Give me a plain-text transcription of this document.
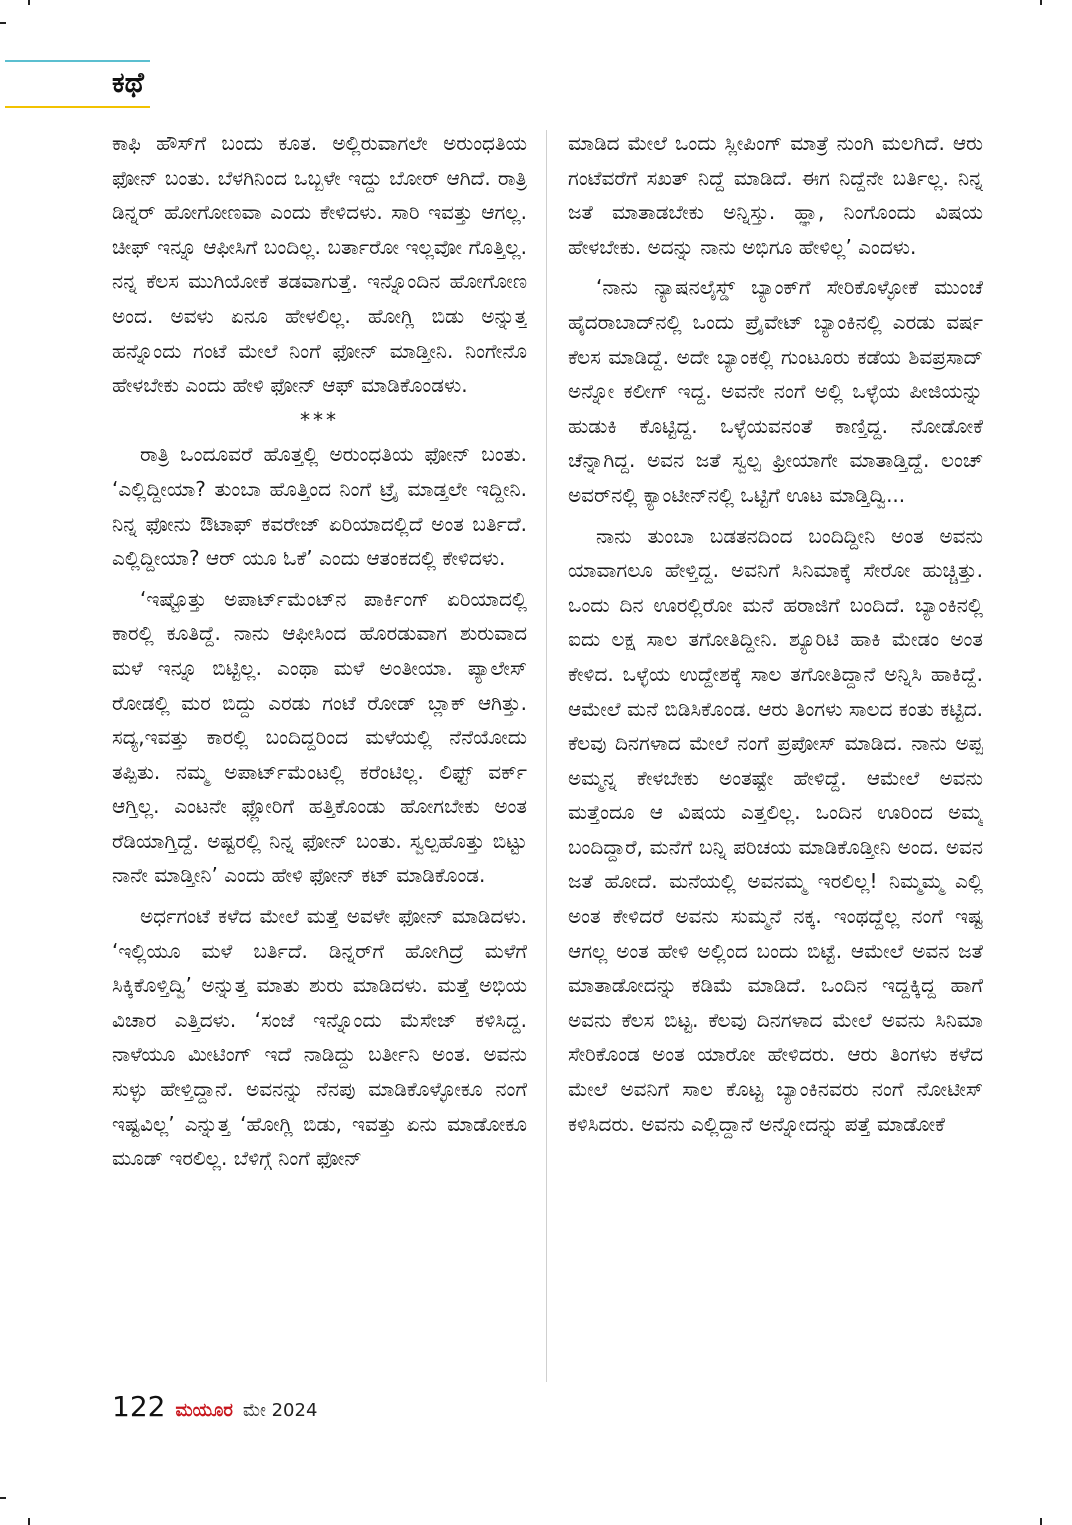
ಕಥೆ

ಕಾಫಿ ಹೌಸ್‌ಗೆ ಬಂದು ಕೂತ. ಅಲ್ಲಿರುವಾಗಲೇ ಅರುಂಧತಿಯ ಫೋನ್ ಬಂತು. ಬೆಳಗಿನಿಂದ ಒಬ್ಬಳೇ ಇದ್ದು ಬೋರ್ ಆಗಿದೆ. ರಾತ್ರಿ ಡಿನ್ನರ್ ಹೋಗೋಣವಾ ಎಂದು ಕೇಳಿದಳು. ಸಾರಿ ಇವತ್ತು ಆಗಲ್ಲ. ಚೀಫ್ ಇನ್ನೂ ಆಫೀಸಿಗೆ ಬಂದಿಲ್ಲ. ಬರ್ತಾರೋ ಇಲ್ಲವೋ ಗೊತ್ತಿಲ್ಲ. ನನ್ನ ಕೆಲಸ ಮುಗಿಯೋಕೆ ತಡವಾಗುತ್ತೆ. ಇನ್ನೊಂದಿನ ಹೋಗೋಣ ಅಂದ. ಅವಳು ಏನೂ ಹೇಳಲಿಲ್ಲ. ಹೋಗ್ಲಿ ಬಿಡು ಅನ್ನುತ್ತ ಹನ್ನೊಂದು ಗಂಟೆ ಮೇಲೆ ನಿಂಗೆ ಫೋನ್ ಮಾಡ್ತೀನಿ. ನಿಂಗೇನೊ ಹೇಳಬೇಕು ಎಂದು ಹೇಳಿ ಫೋನ್ ಆಫ್ ಮಾಡಿಕೊಂಡಳು.

***

ರಾತ್ರಿ ಒಂದೂವರೆ ಹೊತ್ತಲ್ಲಿ ಅರುಂಧತಿಯ ಫೋನ್ ಬಂತು. ‘ಎಲ್ಲಿದ್ದೀಯಾ? ತುಂಬಾ ಹೊತ್ತಿಂದ ನಿಂಗೆ ಟ್ರೈ ಮಾಡ್ತಲೇ ಇದ್ದೀನಿ. ನಿನ್ನ ಫೋನು ಔಟಾಫ್ ಕವರೇಜ್ ಏರಿಯಾದಲ್ಲಿದೆ ಅಂತ ಬರ್ತಿದೆ. ಎಲ್ಲಿದ್ದೀಯಾ? ಆರ್ ಯೂ ಓಕೆ’ ಎಂದು ಆತಂಕದಲ್ಲಿ ಕೇಳಿದಳು.

‘ಇಷ್ಟೊತ್ತು ಅಪಾರ್ಟ್‌ಮೆಂಟ್‌ನ ಪಾರ್ಕಿಂಗ್ ಏರಿಯಾದಲ್ಲಿ ಕಾರಲ್ಲಿ ಕೂತಿದ್ದೆ. ನಾನು ಆಫೀಸಿಂದ ಹೊರಡುವಾಗ ಶುರುವಾದ ಮಳೆ ಇನ್ನೂ ಬಿಟ್ಟಿಲ್ಲ. ಎಂಥಾ ಮಳೆ ಅಂತೀಯಾ. ಪ್ಯಾಲೇಸ್ ರೋಡಲ್ಲಿ ಮರ ಬಿದ್ದು ಎರಡು ಗಂಟೆ ರೋಡ್ ಬ್ಲಾಕ್ ಆಗಿತ್ತು. ಸದ್ಯ,ಇವತ್ತು ಕಾರಲ್ಲಿ ಬಂದಿದ್ದರಿಂದ ಮಳೆಯಲ್ಲಿ ನೆನೆಯೋದು ತಪ್ಪಿತು. ನಮ್ಮ ಅಪಾರ್ಟ್‌ಮೆಂಟಲ್ಲಿ ಕರೆಂಟಿಲ್ಲ. ಲಿಫ್ಟ್ ವರ್ಕ್ ಆಗ್ತಿಲ್ಲ. ಎಂಟನೇ ಫ್ಲೋರಿಗೆ ಹತ್ತಿಕೊಂಡು ಹೋಗಬೇಕು ಅಂತ ರೆಡಿಯಾಗ್ತಿದ್ದೆ. ಅಷ್ಟರಲ್ಲಿ ನಿನ್ನ ಫೋನ್ ಬಂತು. ಸ್ವಲ್ಪಹೊತ್ತು ಬಿಟ್ಟು ನಾನೇ ಮಾಡ್ತೀನಿ’ ಎಂದು ಹೇಳಿ ಫೋನ್ ಕಟ್ ಮಾಡಿಕೊಂಡ.

ಅರ್ಧಗಂಟೆ ಕಳೆದ ಮೇಲೆ ಮತ್ತೆ ಅವಳೇ ಫೋನ್ ಮಾಡಿದಳು. ‘ಇಲ್ಲಿಯೂ ಮಳೆ ಬರ್ತಿದೆ. ಡಿನ್ನರ್‌ಗೆ ಹೋಗಿದ್ರೆ ಮಳೆಗೆ ಸಿಕ್ಕಿಕೊಳ್ತಿದ್ವಿ’ ಅನ್ನುತ್ತ ಮಾತು ಶುರು ಮಾಡಿದಳು. ಮತ್ತೆ ಅಭಿಯ ವಿಚಾರ ಎತ್ತಿದಳು. ‘ಸಂಜೆ ಇನ್ನೊಂದು ಮೆಸೇಜ್ ಕಳಿಸಿದ್ದ. ನಾಳೆಯೂ ಮೀಟಿಂಗ್ ಇದೆ ನಾಡಿದ್ದು ಬರ್ತೀನಿ ಅಂತ. ಅವನು ಸುಳ್ಳು ಹೇಳ್ತಿದ್ದಾನೆ. ಅವನನ್ನು ನೆನಪು ಮಾಡಿಕೊಳ್ಳೋಕೂ ನಂಗೆ ಇಷ್ಟವಿಲ್ಲ’ ಎನ್ನುತ್ತ ‘ಹೋಗ್ಲಿ ಬಿಡು, ಇವತ್ತು ಏನು ಮಾಡೋಕೂ ಮೂಡ್ ಇರಲಿಲ್ಲ. ಬೆಳಿಗ್ಗೆ ನಿಂಗೆ ಫೋನ್

ಮಾಡಿದ ಮೇಲೆ ಒಂದು ಸ್ಲೀಪಿಂಗ್ ಮಾತ್ರೆ ನುಂಗಿ ಮಲಗಿದೆ. ಆರು ಗಂಟೆವರೆಗೆ ಸಖತ್ ನಿದ್ದೆ ಮಾಡಿದೆ. ಈಗ ನಿದ್ದೆನೇ ಬರ್ತಿಲ್ಲ. ನಿನ್ನ ಜತೆ ಮಾತಾಡಬೇಕು ಅನ್ನಿಸ್ತು. ಹ್ಞಾ, ನಿಂಗೊಂದು ವಿಷಯ ಹೇಳಬೇಕು. ಅದನ್ನು ನಾನು ಅಭಿಗೂ ಹೇಳಿಲ್ಲ’ ಎಂದಳು.

‘ನಾನು ನ್ಯಾಷನಲೈಸ್ಡ್ ಬ್ಯಾಂಕ್‌ಗೆ ಸೇರಿಕೊಳ್ಳೋಕೆ ಮುಂಚೆ ಹೈದರಾಬಾದ್‌ನಲ್ಲಿ ಒಂದು ಪ್ರೈವೇಟ್ ಬ್ಯಾಂಕಿನಲ್ಲಿ ಎರಡು ವರ್ಷ ಕೆಲಸ ಮಾಡಿದ್ದೆ. ಅದೇ ಬ್ಯಾಂಕಲ್ಲಿ ಗುಂಟೂರು ಕಡೆಯ ಶಿವಪ್ರಸಾದ್ ಅನ್ನೋ ಕಲೀಗ್ ಇದ್ದ. ಅವನೇ ನಂಗೆ ಅಲ್ಲಿ ಒಳ್ಳೆಯ ಪೀಜಿಯನ್ನು ಹುಡುಕಿ ಕೊಟ್ಟಿದ್ದ. ಒಳ್ಳೆಯವನಂತೆ ಕಾಣ್ತಿದ್ದ. ನೋಡೋಕೆ ಚೆನ್ನಾಗಿದ್ದ. ಅವನ ಜತೆ ಸ್ವಲ್ಪ ಫ್ರೀಯಾಗೇ ಮಾತಾಡ್ತಿದ್ದೆ. ಲಂಚ್ ಅವರ್‌ನಲ್ಲಿ ಕ್ಯಾಂಟೀನ್‌ನಲ್ಲಿ ಒಟ್ಟಿಗೆ ಊಟ ಮಾಡ್ತಿದ್ವಿ...

ನಾನು ತುಂಬಾ ಬಡತನದಿಂದ ಬಂದಿದ್ದೀನಿ ಅಂತ ಅವನು ಯಾವಾಗಲೂ ಹೇಳ್ತಿದ್ದ. ಅವನಿಗೆ ಸಿನಿಮಾಕ್ಕೆ ಸೇರೋ ಹುಚ್ಚಿತ್ತು. ಒಂದು ದಿನ ಊರಲ್ಲಿರೋ ಮನೆ ಹರಾಜಿಗೆ ಬಂದಿದೆ. ಬ್ಯಾಂಕಿನಲ್ಲಿ ಐದು ಲಕ್ಷ ಸಾಲ ತಗೋತಿದ್ದೀನಿ. ಶ್ಯೂರಿಟಿ ಹಾಕಿ ಮೇಡಂ ಅಂತ ಕೇಳಿದ. ಒಳ್ಳೆಯ ಉದ್ದೇಶಕ್ಕೆ ಸಾಲ ತಗೋತಿದ್ದಾನೆ ಅನ್ನಿಸಿ ಹಾಕಿದ್ದೆ. ಆಮೇಲೆ ಮನೆ ಬಿಡಿಸಿಕೊಂಡ. ಆರು ತಿಂಗಳು ಸಾಲದ ಕಂತು ಕಟ್ಟಿದ. ಕೆಲವು ದಿನಗಳಾದ ಮೇಲೆ ನಂಗೆ ಪ್ರಪೋಸ್ ಮಾಡಿದ. ನಾನು ಅಪ್ಪ ಅಮ್ಮನ್ನ ಕೇಳಬೇಕು ಅಂತಷ್ಟೇ ಹೇಳಿದ್ದೆ. ಆಮೇಲೆ ಅವನು ಮತ್ತೆಂದೂ ಆ ವಿಷಯ ಎತ್ತಲಿಲ್ಲ. ಒಂದಿನ ಊರಿಂದ ಅಮ್ಮ ಬಂದಿದ್ದಾರೆ, ಮನೆಗೆ ಬನ್ನಿ ಪರಿಚಯ ಮಾಡಿಕೊಡ್ತೀನಿ ಅಂದ. ಅವನ ಜತೆ ಹೋದೆ. ಮನೆಯಲ್ಲಿ ಅವನಮ್ಮ ಇರಲಿಲ್ಲ! ನಿಮ್ಮಮ್ಮ ಎಲ್ಲಿ ಅಂತ ಕೇಳಿದರೆ ಅವನು ಸುಮ್ಮನೆ ನಕ್ಕ. ಇಂಥದ್ದೆಲ್ಲ ನಂಗೆ ಇಷ್ಟ ಆಗಲ್ಲ ಅಂತ ಹೇಳಿ ಅಲ್ಲಿಂದ ಬಂದು ಬಿಟ್ಟೆ. ಆಮೇಲೆ ಅವನ ಜತೆ ಮಾತಾಡೋದನ್ನು ಕಡಿಮೆ ಮಾಡಿದೆ. ಒಂದಿನ ಇದ್ದಕ್ಕಿದ್ದ ಹಾಗೆ ಅವನು ಕೆಲಸ ಬಿಟ್ಟ. ಕೆಲವು ದಿನಗಳಾದ ಮೇಲೆ ಅವನು ಸಿನಿಮಾ ಸೇರಿಕೊಂಡ ಅಂತ ಯಾರೋ ಹೇಳಿದರು. ಆರು ತಿಂಗಳು ಕಳೆದ ಮೇಲೆ ಅವನಿಗೆ ಸಾಲ ಕೊಟ್ಟ ಬ್ಯಾಂಕಿನವರು ನಂಗೆ ನೋಟೀಸ್ ಕಳಿಸಿದರು. ಅವನು ಎಲ್ಲಿದ್ದಾನೆ ಅನ್ನೋದನ್ನು ಪತ್ತೆ ಮಾಡೋಕೆ

122 ಮಯೂರ ಮೇ 2024
